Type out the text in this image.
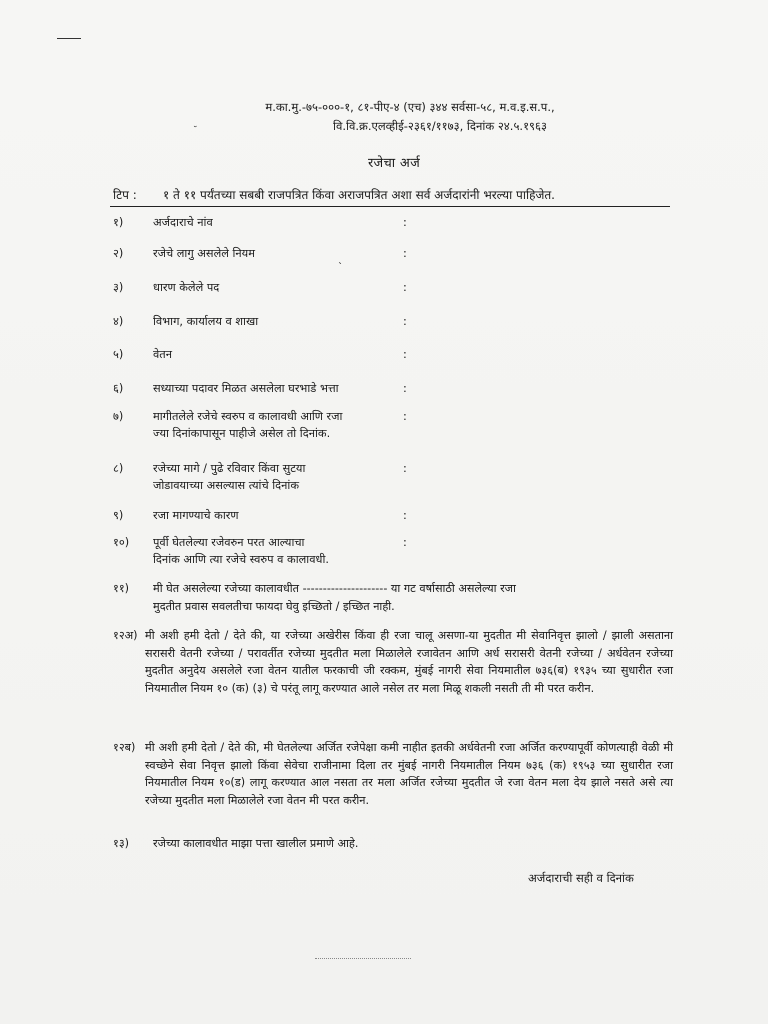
म.का.मु.-७५-०००-१, ८१-पीए-४ (एच) ३४४ सर्वसा-५८, म.व.इ.स.प.,
वि.वि.क्र.एलव्हीई-२३६१/११७३, दिनांक २४.५.१९६३
˘
रजेचा अर्ज
टिप : १ ते ११ पर्यंतच्या सबबी राजपत्रित किंवा अराजपत्रित अशा सर्व अर्जदारांनी भरल्या पाहिजेत.
ˋ
१)	अर्जदाराचे नांव	:
२)	रजेचे लागु असलेले नियम	:
३)	धारण केलेले पद	:
४)	विभाग, कार्यालय व शाखा	:
५)	वेतन	:
६)	सध्याच्या पदावर मिळत असलेला घरभाडे भत्ता	:
७)	मागीतलेले रजेचे स्वरुप व कालावधी आणि रजा
ज्या दिनांकापासून पाहीजे असेल तो दिनांक.
:
८)	रजेच्या मागे / पुढे रविवार किंवा सुटया
जोडावयाच्या असल्यास त्यांचे दिनांक
:
९)	रजा मागण्याचे कारण	:
१०)	पूर्वी घेतलेल्या रजेवरुन परत आल्याचा
दिनांक आणि त्या रजेचे स्वरुप व कालावधी.
:
११) मी घेत असलेल्या रजेच्या कालावधीत --------------------- या गट वर्षासाठी असलेल्या रजा
मुदतीत प्रवास सवलतीचा फायदा घेवु इच्छितो / इच्छित नाही.
१२अ) मी अशी हमी देतो / देते की, या रजेच्या अखेरीस किंवा ही रजा चालू असणा-या मुदतीत मी सेवानिवृत्त झालो / झाली असताना सरासरी वेतनी रजेच्या / परावर्तीत रजेच्या मुदतीत मला मिळालेले रजावेतन आणि अर्ध सरासरी वेतनी रजेच्या / अर्धवेतन रजेच्या मुदतीत अनुदेय असलेले रजा वेतन यातील फरकाची जी रक्कम, मुंबई नागरी सेवा नियमातील ७३६(ब) १९३५ च्या सुधारीत रजा नियमातील नियम १० (क) (३) चे परंतू लागू करण्यात आले नसेल तर मला मिळू शकली नसती ती मी परत करीन.
१२ब) मी अशी हमी देतो / देते की, मी घेतलेल्या अर्जित रजेपेक्षा कमी नाहीत इतकी अर्धवेतनी रजा अर्जित करण्यापूर्वी कोणत्याही वेळी मी स्वच्छेने सेवा निवृत्त झालो किंवा सेवेचा राजीनामा दिला तर मुंबई नागरी नियमातील नियम ७३६ (क) १९५३ च्या सुधारीत रजा नियमातील नियम १०(ड) लागू करण्यात आल नसता तर मला अर्जित रजेच्या मुदतीत जे रजा वेतन मला देय झाले नसते असे त्या रजेच्या मुदतीत मला मिळालेले रजा वेतन मी परत करीन.
१३) रजेच्या कालावधीत माझा पत्ता खालील प्रमाणे आहे.
अर्जदाराची सही व दिनांक
